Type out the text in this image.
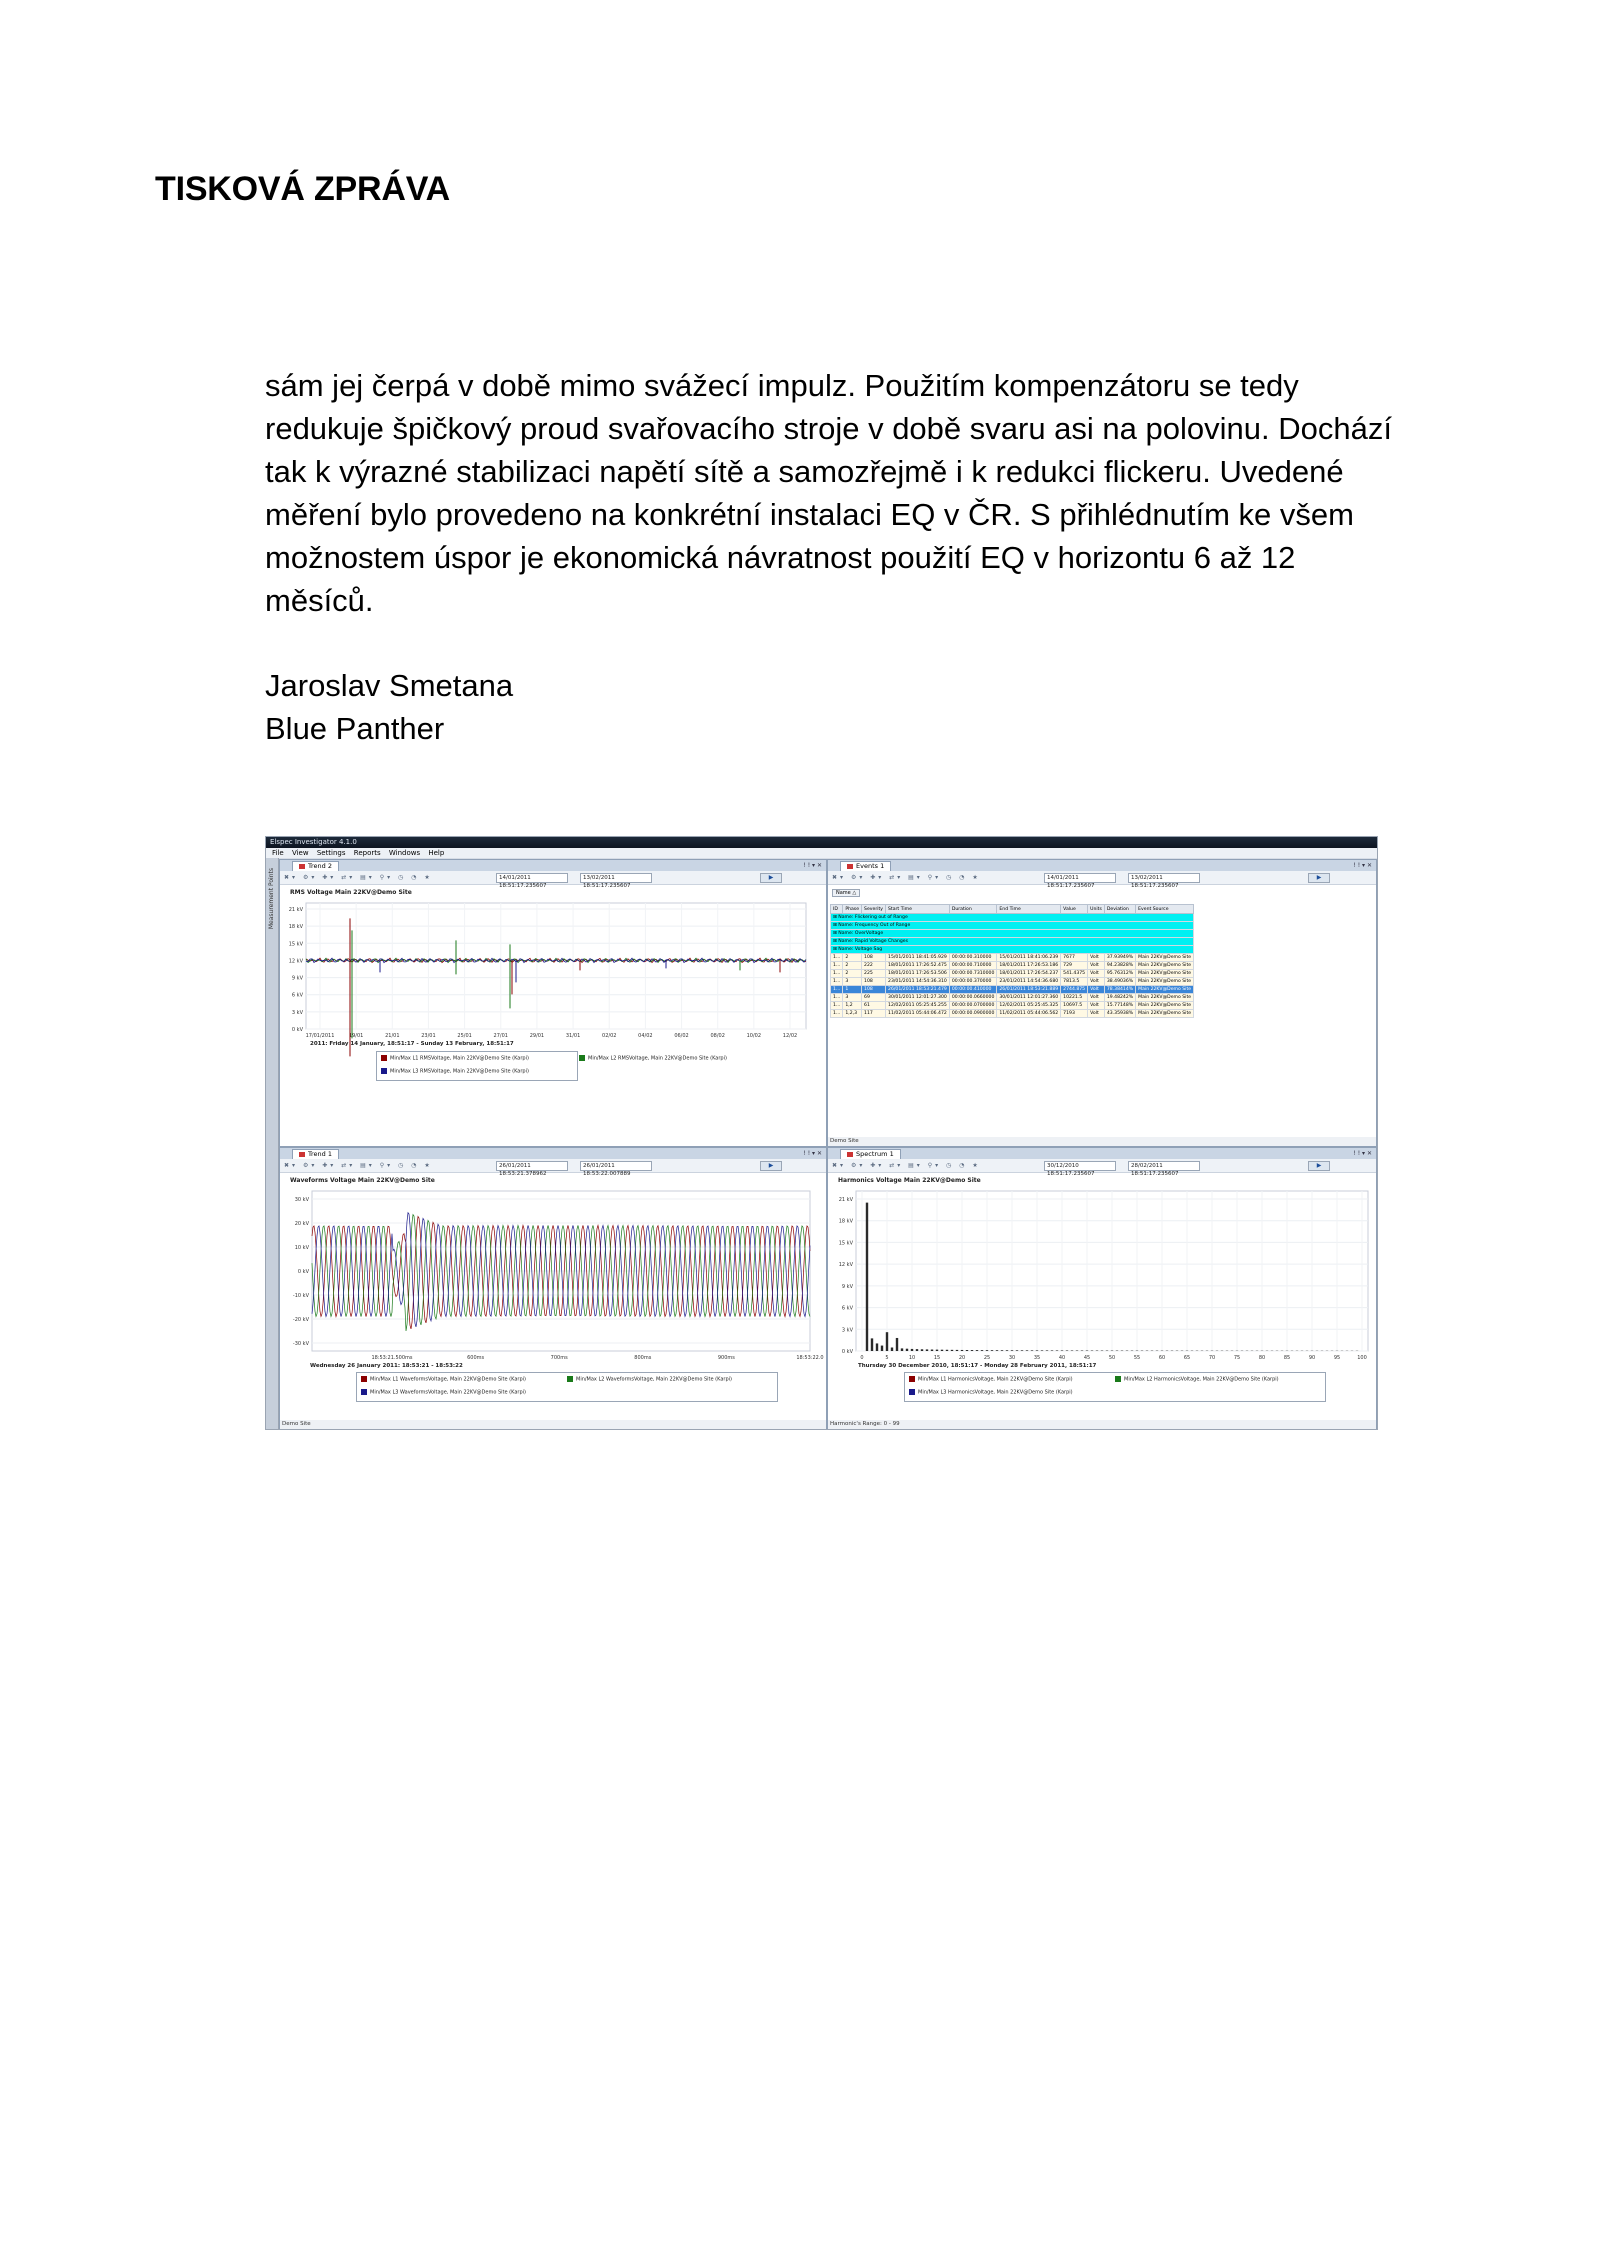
TISKOVÁ ZPRÁVA

sám jej čerpá v době mimo svážecí impulz. Použitím kompenzátoru se tedy

redukuje špičkový proud svařovacího stroje v době svaru asi na polovinu. Dochází

tak k výrazné stabilizaci napětí sítě a samozřejmě i k redukci flickeru. Uvedené

měření bylo provedeno na konkrétní instalaci EQ v ČR. S přihlédnutím ke všem

možnostem úspor je ekonomická návratnost použití EQ v horizontu 6 až 12

měsíců.

Jaroslav Smetana
Blue Panther
Elspec Investigator 4.1.0
File View Settings Reports Windows Help
Measurement Points
Trend 2	! ! ▾ ✕
✖▾ ⚙▾ ✚▾ ⇄▾ ▤▾ ⚲▾ ◷ ◔ ★	14/01/2011 18:51:17.235607
13/02/2011 18:51:17.235607
▶
RMS Voltage Main 22KV@Demo Site
21 kV
18 kV
15 kV
12 kV
9 kV
6 kV
3 kV
0 kV
17/01/2011	19/01	21/01	23/01	25/01	27/01	29/01	31/01	02/02	04/02	06/02	08/02	10/02	12/02
2011: Friday 14 January, 18:51:17 - Sunday 13 February, 18:51:17
Min/Max L1 RMSVoltage, Main 22KV@Demo Site (Karpi)	Min/Max L2 RMSVoltage, Main 22KV@Demo Site (Karpi)
Min/Max L3 RMSVoltage, Main 22KV@Demo Site (Karpi)
Events 1	! ! ▾ ✕
✖▾ ⚙▾ ✚▾ ⇄▾ ▤▾ ⚲▾ ◷ ◔ ★	14/01/2011 18:51:17.235607
13/02/2011 18:51:17.235607
▶
Name △
ID	Phase	Severity	Start Time	Duration	End Time	Value	Units	Deviation	Event Source
⊞ Name: Flickering out of Range									
⊞ Name: Frequency Out of Range									
⊞ Name: OverVoltage									
⊞ Name: Rapid Voltage Changes									
⊞ Name: Voltage Sag									
1...	2	108	15/01/2011 18:41:05.929	00:00:00.310000	15/01/2011 18:41:06.239	7677	Volt	37.93949%	Main 22KV@Demo Site
1...	2	222	18/01/2011 17:26:52.475	00:00:00.710000	18/01/2011 17:26:53.186	729	Volt	94.23828%	Main 22KV@Demo Site
1...	2	225	18/01/2011 17:26:53.506	00:00:00.7310000	18/01/2011 17:26:54.237	541.4375	Volt	95.76312%	Main 22KV@Demo Site
1...	3	108	23/01/2011 14:54:36.310	00:00:00.370000	23/01/2011 14:54:36.680	7813.5	Volt	38.49036%	Main 22KV@Demo Site
1...	1	108	26/01/2011 18:53:21.479	00:00:00.410000	26/01/2011 18:53:21.889	2744.875	Volt	78.38414%	Main 22KV@Demo Site
1...	3	69	30/01/2011 12:01:27.300	00:00:00.0660000	30/01/2011 12:01:27.360	10221.5	Volt	19.48242%	Main 22KV@Demo Site
1...	1,2	61	12/02/2011 05:25:45.255	00:00:00.0700000	12/02/2011 05:25:45.325	10697.5	Volt	15.77148%	Main 22KV@Demo Site
1...	1,2,3	117	11/02/2011 05:44:06.472	00:00:00.0900000	11/02/2011 05:44:06.562	7193	Volt	43.35938%	Main 22KV@Demo Site
Demo Site
Trend 1	! ! ▾ ✕
✖▾ ⚙▾ ✚▾ ⇄▾ ▤▾ ⚲▾ ◷ ◔ ★	26/01/2011 18:53:21.378962
26/01/2011 18:53:22.007889
▶
Waveforms Voltage Main 22KV@Demo Site
30 kV
20 kV
10 kV
0 kV
-10 kV
-20 kV
-30 kV
18:53:21.500ms	600ms	700ms	800ms	900ms	18:53:22.0
Wednesday 26 January 2011: 18:53:21 - 18:53:22
Min/Max L1 WaveformsVoltage, Main 22KV@Demo Site (Karpi)	Min/Max L2 WaveformsVoltage, Main 22KV@Demo Site (Karpi)
Min/Max L3 WaveformsVoltage, Main 22KV@Demo Site (Karpi)
Demo Site
Spectrum 1	! ! ▾ ✕
✖▾ ⚙▾ ✚▾ ⇄▾ ▤▾ ⚲▾ ◷ ◔ ★	30/12/2010 18:51:17.235607
28/02/2011 18:51:17.235607
▶
Harmonics Voltage Main 22KV@Demo Site
21 kV
18 kV
15 kV
12 kV
9 kV
6 kV
3 kV
0 kV
0	5	10	15	20	25	30	35	40	45	50	55	60	65	70	75	80	85	90	95	100
Thursday 30 December 2010, 18:51:17 - Monday 28 February 2011, 18:51:17
Min/Max L1 HarmonicsVoltage, Main 22KV@Demo Site (Karpi)	Min/Max L2 HarmonicsVoltage, Main 22KV@Demo Site (Karpi)
Min/Max L3 HarmonicsVoltage, Main 22KV@Demo Site (Karpi)
Harmonic's Range: 0 - 99
